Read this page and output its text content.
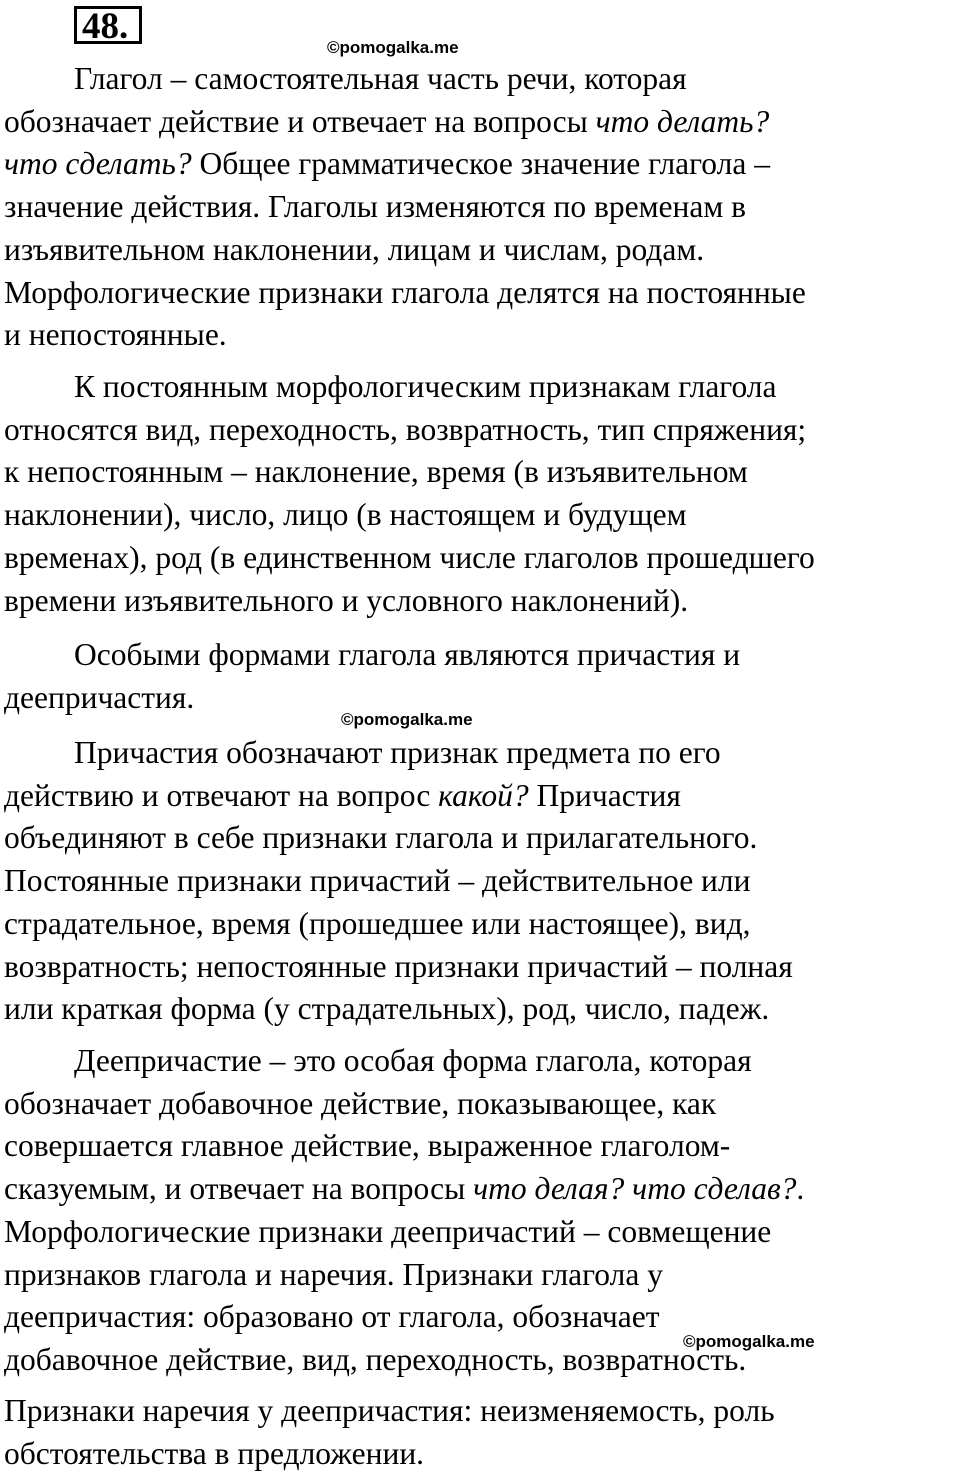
48.
©pomogalka.me
©pomogalka.me
©pomogalka.me
Глагол – самостоятельная часть речи, которая
обозначает действие и отвечает на вопросы что делать?
что сделать? Общее грамматическое значение глагола –
значение действия. Глаголы изменяются по временам в
изъявительном наклонении, лицам и числам, родам.
Морфологические признаки глагола делятся на постоянные
и непостоянные.
К постоянным морфологическим признакам глагола
относятся вид, переходность, возвратность, тип спряжения;
к непостоянным – наклонение, время (в изъявительном
наклонении), число, лицо (в настоящем и будущем
временах), род (в единственном числе глаголов прошедшего
времени изъявительного и условного наклонений).
Особыми формами глагола являются причастия и
деепричастия.
Причастия обозначают признак предмета по его
действию и отвечают на вопрос какой? Причастия
объединяют в себе признаки глагола и прилагательного.
Постоянные признаки причастий – действительное или
страдательное, время (прошедшее или настоящее), вид,
возвратность; непостоянные признаки причастий – полная
или краткая форма (у страдательных), род, число, падеж.
Деепричастие – это особая форма глагола, которая
обозначает добавочное действие, показывающее, как
совершается главное действие, выраженное глаголом-
сказуемым, и отвечает на вопросы что делая? что сделав?.
Морфологические признаки деепричастий – совмещение
признаков глагола и наречия. Признаки глагола у
деепричастия: образовано от глагола, обозначает
добавочное действие, вид, переходность, возвратность.
Признаки наречия у деепричастия: неизменяемость, роль
обстоятельства в предложении.
